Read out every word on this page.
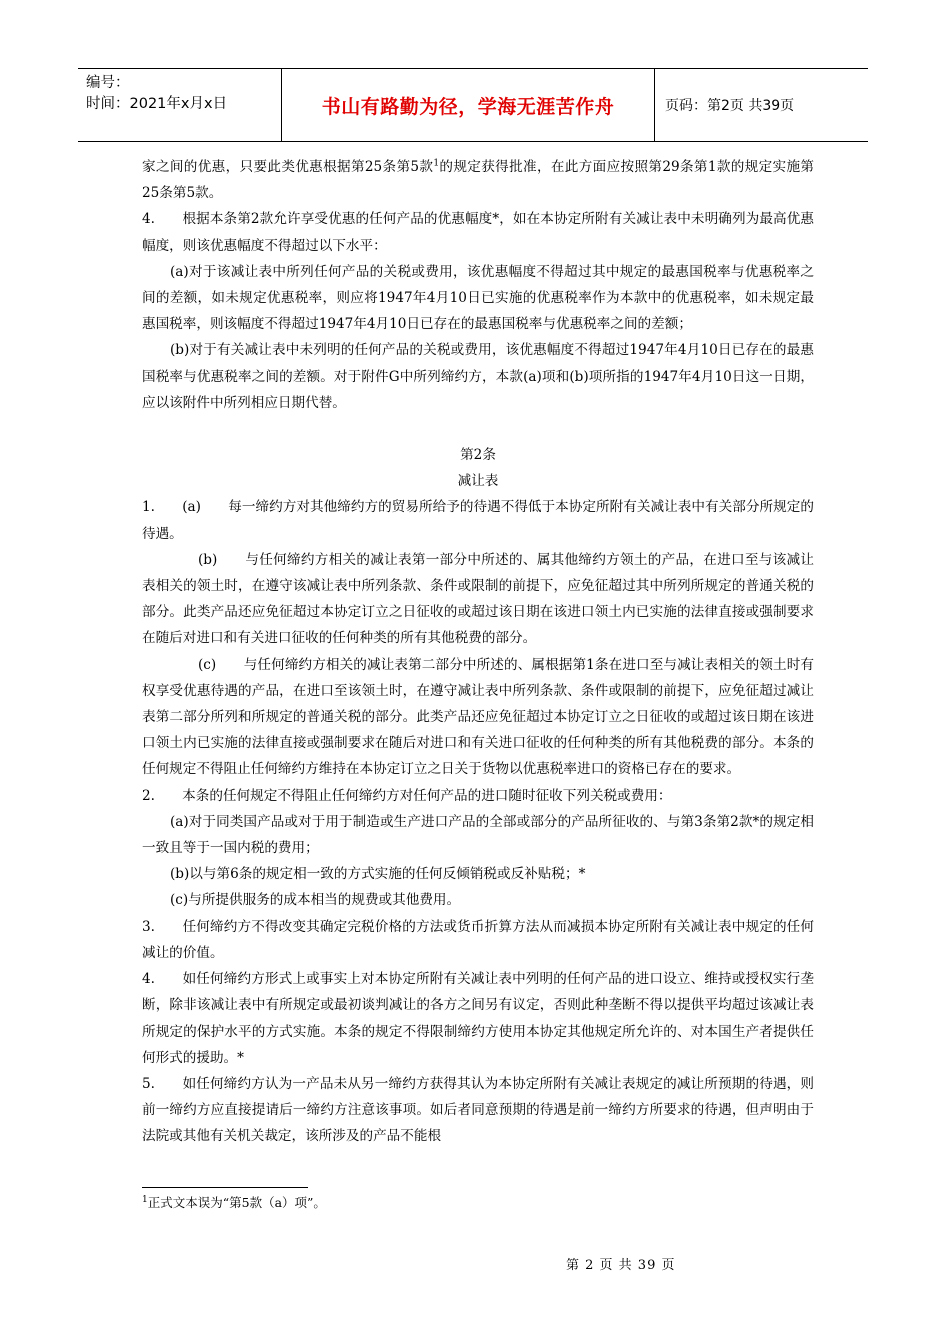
编号：
时间：2021年x月x日	书山有路勤为径，学海无涯苦作舟	页码：第2页 共39页

家之间的优惠，只要此类优惠根据第25条第5款$^1$的规定获得批准，在此方面应按照第29条第1款的规定实施第25条第5款。

4.　　根据本条第2款允许享受优惠的任何产品的优惠幅度*，如在本协定所附有关减让表中未明确列为最高优惠幅度，则该优惠幅度不得超过以下水平：

(a)对于该减让表中所列任何产品的关税或费用，该优惠幅度不得超过其中规定的最惠国税率与优惠税率之间的差额，如未规定优惠税率，则应将1947年4月10日已实施的优惠税率作为本款中的优惠税率，如未规定最惠国税率，则该幅度不得超过1947年4月10日已存在的最惠国税率与优惠税率之间的差额；

(b)对于有关减让表中未列明的任何产品的关税或费用，该优惠幅度不得超过1947年4月10日已存在的最惠国税率与优惠税率之间的差额。对于附件G中所列缔约方，本款(a)项和(b)项所指的1947年4月10日这一日期，应以该附件中所列相应日期代替。

第2条

减让表

1.　　(a)　　每一缔约方对其他缔约方的贸易所给予的待遇不得低于本协定所附有关减让表中有关部分所规定的待遇。

(b)　　与任何缔约方相关的减让表第一部分中所述的、属其他缔约方领土的产品，在进口至与该减让表相关的领土时，在遵守该减让表中所列条款、条件或限制的前提下，应免征超过其中所列所规定的普通关税的部分。此类产品还应免征超过本协定订立之日征收的或超过该日期在该进口领土内已实施的法律直接或强制要求在随后对进口和有关进口征收的任何种类的所有其他税费的部分。

(c)　　与任何缔约方相关的减让表第二部分中所述的、属根据第1条在进口至与减让表相关的领土时有权享受优惠待遇的产品，在进口至该领土时，在遵守减让表中所列条款、条件或限制的前提下，应免征超过减让表第二部分所列和所规定的普通关税的部分。此类产品还应免征超过本协定订立之日征收的或超过该日期在该进口领土内已实施的法律直接或强制要求在随后对进口和有关进口征收的任何种类的所有其他税费的部分。本条的任何规定不得阻止任何缔约方维持在本协定订立之日关于货物以优惠税率进口的资格已存在的要求。

2.　　本条的任何规定不得阻止任何缔约方对任何产品的进口随时征收下列关税或费用：

(a)对于同类国产品或对于用于制造或生产进口产品的全部或部分的产品所征收的、与第3条第2款*的规定相一致且等于一国内税的费用；

(b)以与第6条的规定相一致的方式实施的任何反倾销税或反补贴税；*

(c)与所提供服务的成本相当的规费或其他费用。

3.　　任何缔约方不得改变其确定完税价格的方法或货币折算方法从而减损本协定所附有关减让表中规定的任何减让的价值。

4.　　如任何缔约方形式上或事实上对本协定所附有关减让表中列明的任何产品的进口设立、维持或授权实行垄断，除非该减让表中有所规定或最初谈判减让的各方之间另有议定，否则此种垄断不得以提供平均超过该减让表所规定的保护水平的方式实施。本条的规定不得限制缔约方使用本协定其他规定所允许的、对本国生产者提供任何形式的援助。*

5.　　如任何缔约方认为一产品未从另一缔约方获得其认为本协定所附有关减让表规定的减让所预期的待遇，则前一缔约方应直接提请后一缔约方注意该事项。如后者同意预期的待遇是前一缔约方所要求的待遇，但声明由于法院或其他有关机关裁定，该所涉及的产品不能根

$^1$正式文本误为“第5款（a）项”。
第 2 页 共 39 页
